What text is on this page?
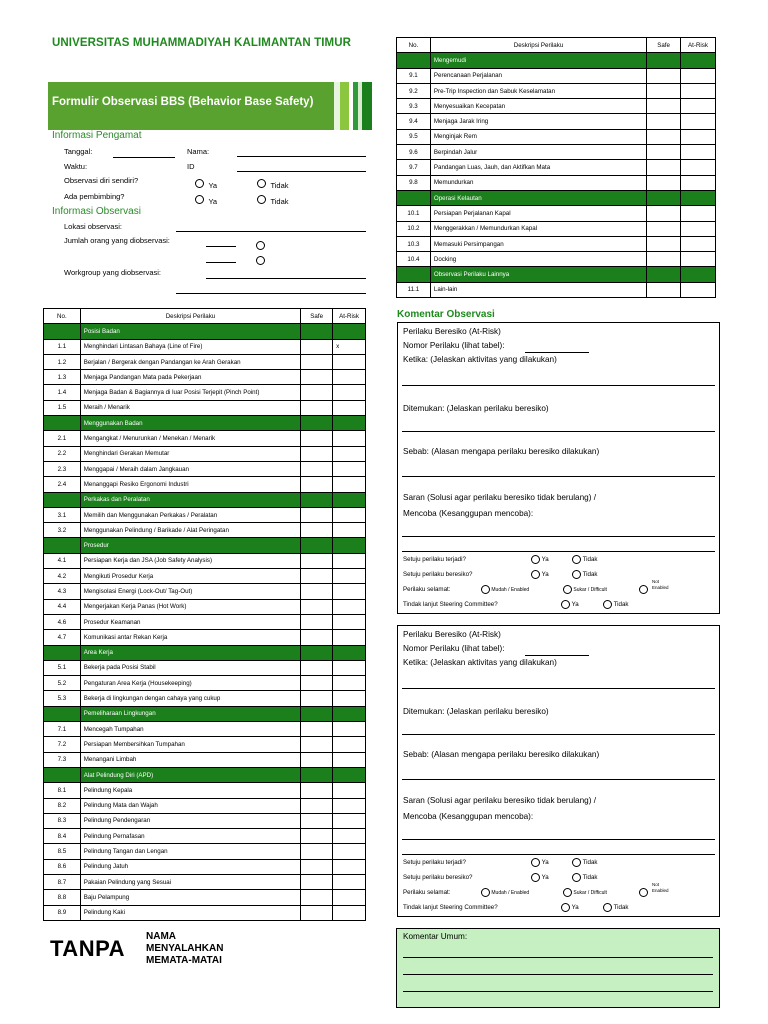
UNIVERSITAS MUHAMMADIYAH KALIMANTAN TIMUR
Formulir Observasi BBS (Behavior Base Safety)
Informasi Pengamat
Tanggal:
Waktu:
Nama:
ID
Observasi diri sendiri?
Ya	Tidak
Ada pembimbing?
Ya	Tidak
Informasi Observasi
Lokasi observasi:
Jumlah orang yang diobservasi:
Workgroup yang diobservasi:
No.	Deskripsi Perilaku	Safe	At-Risk
	Posisi Badan		
1.1	Menghindari Lintasan Bahaya (Line of Fire)		x
1.2	Berjalan / Bergerak dengan Pandangan ke Arah Gerakan		
1.3	Menjaga Pandangan Mata pada Pekerjaan		
1.4	Menjaga Badan & Bagiannya di luar Posisi Terjepit (Pinch Point)		
1.5	Meraih / Menarik		
	Menggunakan Badan		
2.1	Mengangkat / Menurunkan / Menekan / Menarik		
2.2	Menghindari Gerakan Memutar		
2.3	Menggapai / Meraih dalam Jangkauan		
2.4	Menanggapi Resiko Ergonomi Industri		
	Perkakas dan Peralatan		
3.1	Memilih dan Menggunakan Perkakas / Peralatan		
3.2	Menggunakan Pelindung / Barikade / Alat Peringatan		
	Prosedur		
4.1	Persiapan Kerja dan JSA (Job Safety Analysis)		
4.2	Mengikuti Prosedur Kerja		
4.3	Mengisolasi Energi (Lock-Out/ Tag-Out)		
4.4	Mengerjakan Kerja Panas (Hot Work)		
4.6	Prosedur Keamanan		
4.7	Komunikasi antar Rekan Kerja		
	Area Kerja		
5.1	Bekerja pada Posisi Stabil		
5.2	Pengaturan Area Kerja (Housekeeping)		
5.3	Bekerja di lingkungan dengan cahaya yang cukup		
	Pemeliharaan Lingkungan		
7.1	Mencegah Tumpahan		
7.2	Persiapan Membersihkan Tumpahan		
7.3	Menangani Limbah		
	Alat Pelindung Diri (APD)		
8.1	Pelindung Kepala		
8.2	Pelindung Mata dan Wajah		
8.3	Pelindung Pendengaran		
8.4	Pelindung Pernafasan		
8.5	Pelindung Tangan dan Lengan		
8.6	Pelindung Jatuh		
8.7	Pakaian Pelindung yang Sesuai		
8.8	Baju Pelampung		
8.9	Pelindung Kaki		
No.	Deskripsi Perilaku	Safe	At-Risk
	Mengemudi		
9.1	Perencanaan Perjalanan		
9.2	Pre-Trip Inspection dan Sabuk Keselamatan		
9.3	Menyesuaikan Kecepatan		
9.4	Menjaga Jarak Iring		
9.5	Menginjak Rem		
9.6	Berpindah Jalur		
9.7	Pandangan Luas, Jauh, dan Aktifkan Mata		
9.8	Memundurkan		
	Operasi Kelautan		
10.1	Persiapan Perjalanan Kapal		
10.2	Menggerakkan / Memundurkan Kapal		
10.3	Memasuki Persimpangan		
10.4	Docking		
	Observasi Perilaku Lainnya		
11.1	Lain-lain		
Komentar Observasi
Perilaku Beresiko (At-Risk)
Nomor Perilaku (lihat tabel):
Ketika: (Jelaskan aktivitas yang dilakukan)
Ditemukan: (Jelaskan perilaku beresiko)
Sebab: (Alasan mengapa perilaku beresiko dilakukan)
Saran (Solusi agar perilaku beresiko tidak berulang) /
Mencoba (Kesanggupan mencoba):
Setuju perilaku terjadi?	Ya	Tidak
Setuju perilaku beresiko?	Ya	Tidak
Perilaku selamat:	Mudah / Enabled	Sukar / Difficult
Not
Enabled
Tindak lanjut Steering Committee?	Ya	Tidak
Perilaku Beresiko (At-Risk)
Nomor Perilaku (lihat tabel):
Ketika: (Jelaskan aktivitas yang dilakukan)
Ditemukan: (Jelaskan perilaku beresiko)
Sebab: (Alasan mengapa perilaku beresiko dilakukan)
Saran (Solusi agar perilaku beresiko tidak berulang) /
Mencoba (Kesanggupan mencoba):
Setuju perilaku terjadi?	Ya	Tidak
Setuju perilaku beresiko?	Ya	Tidak
Perilaku selamat:	Mudah / Enabled	Sukar / Difficult
Not
Enabled
Tindak lanjut Steering Committee?	Ya	Tidak
Komentar Umum:
TANPA NAMA
MENYALAHKAN
MEMATA-MATAI
